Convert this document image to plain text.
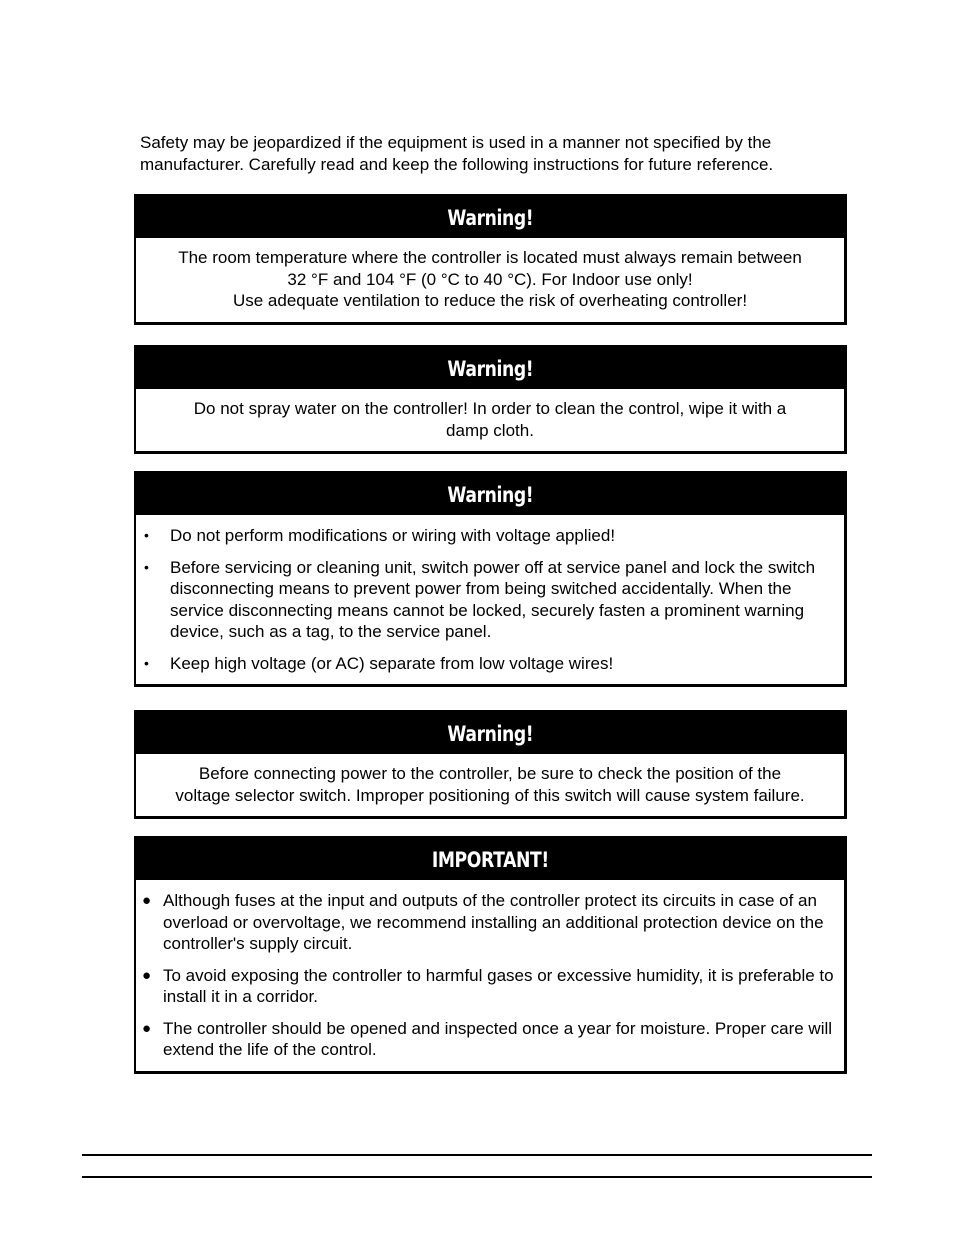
Safety may be jeopardized if the equipment is used in a manner not specified by the
manufacturer. Carefully read and keep the following instructions for future reference.

Warning!

The room temperature where the controller is located must always remain between

32 °F and 104 °F (0 °C to 40 °C). For Indoor use only!

Use adequate ventilation to reduce the risk of overheating controller!

Warning!

Do not spray water on the controller! In order to clean the control, wipe it with a

damp cloth.

Warning!
• Do not perform modifications or wiring with voltage applied!
• Before servicing or cleaning unit, switch power off at service panel and lock the switch disconnecting means to prevent power from being switched accidentally. When the service disconnecting means cannot be locked, securely fasten a prominent warning device, such as a tag, to the service panel.
• Keep high voltage (or AC) separate from low voltage wires!
Warning!

Before connecting power to the controller, be sure to check the position of the

voltage selector switch. Improper positioning of this switch will cause system failure.

IMPORTANT!
● Although fuses at the input and outputs of the controller protect its circuits in case of an overload or overvoltage, we recommend installing an additional protection device on the controller's supply circuit.
● To avoid exposing the controller to harmful gases or excessive humidity, it is preferable to install it in a corridor.
● The controller should be opened and inspected once a year for moisture. Proper care will extend the life of the control.
